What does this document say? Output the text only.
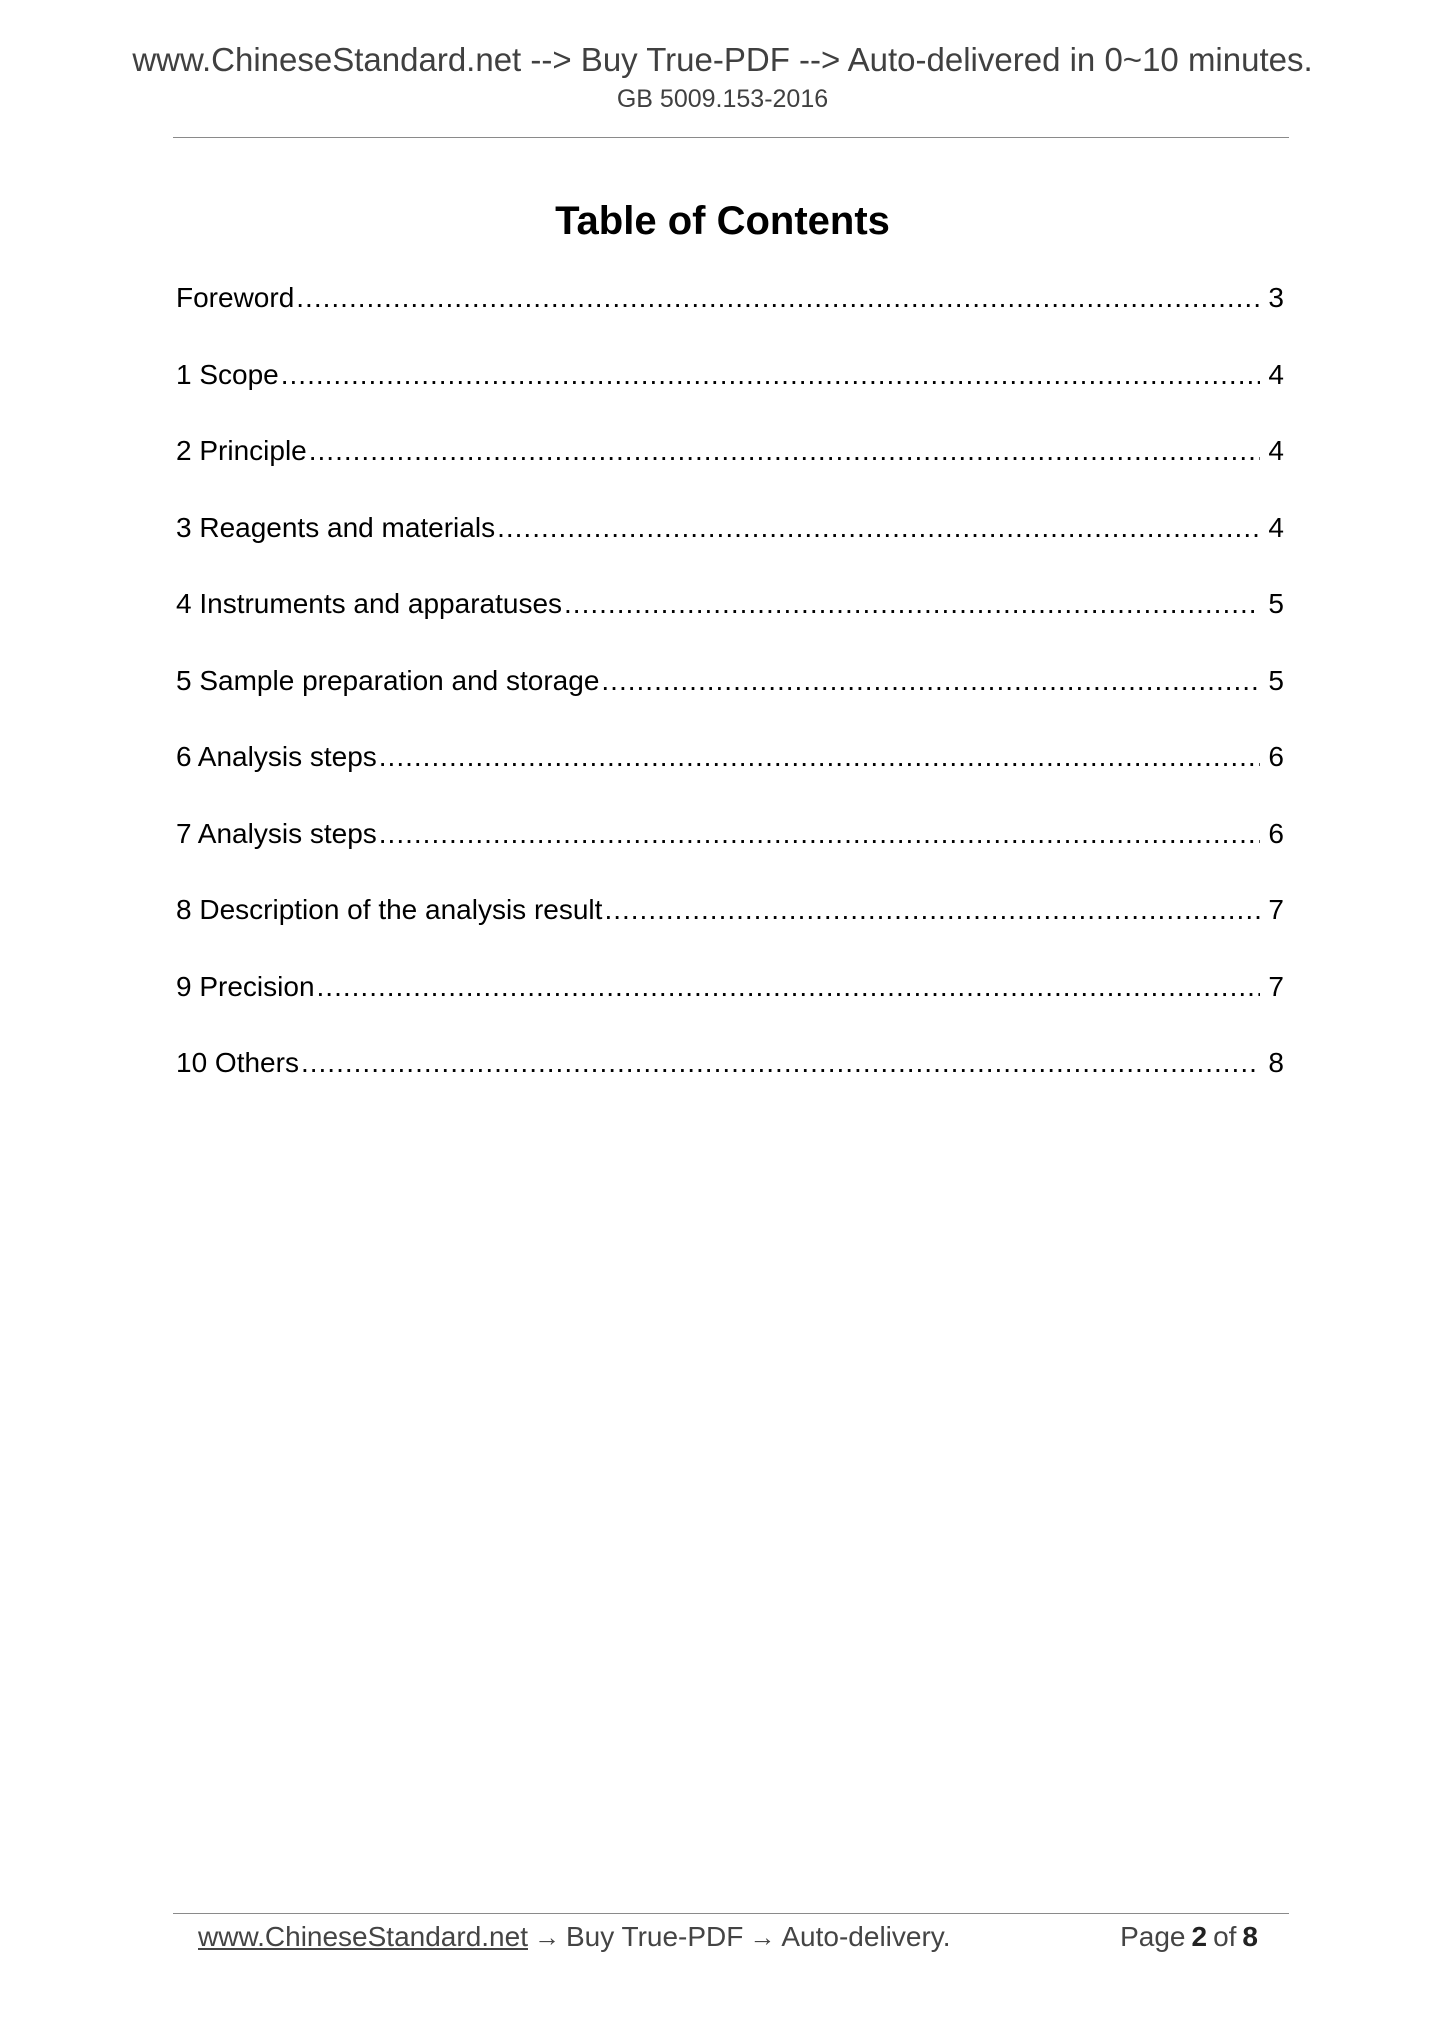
www.ChineseStandard.net --> Buy True-PDF --> Auto-delivered in 0~10 minutes.
GB 5009.153-2016
Table of Contents
Foreword .....	3
1 Scope .....	4
2 Principle .....	4
3 Reagents and materials .....	4
4 Instruments and apparatuses .....	5
5 Sample preparation and storage .....	5
6 Analysis steps .....	6
7 Analysis steps .....	6
8 Description of the analysis result .....	7
9 Precision .....	7
10 Others .....	8
www.ChineseStandard.net → Buy True-PDF → Auto-delivery.	Page 2 of 8
